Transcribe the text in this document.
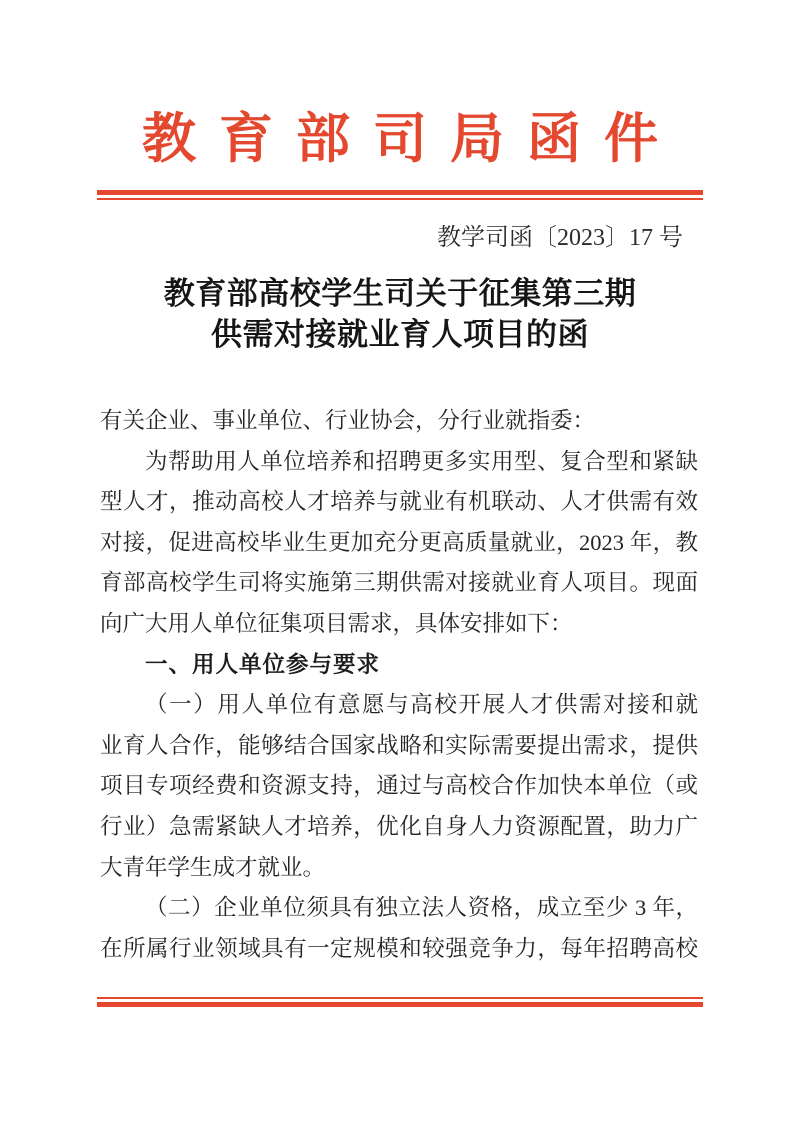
教育部司局函件
教学司函〔2023〕17 号
教育部高校学生司关于征集第三期
供需对接就业育人项目的函
有关企业、事业单位、行业协会，分行业就指委：
为帮助用人单位培养和招聘更多实用型、复合型和紧缺
型人才，推动高校人才培养与就业有机联动、人才供需有效
对接，促进高校毕业生更加充分更高质量就业，2023 年，教
育部高校学生司将实施第三期供需对接就业育人项目。现面
向广大用人单位征集项目需求，具体安排如下：
一、用人单位参与要求
（一）用人单位有意愿与高校开展人才供需对接和就
业育人合作，能够结合国家战略和实际需要提出需求，提供
项目专项经费和资源支持，通过与高校合作加快本单位（或
行业）急需紧缺人才培养，优化自身人力资源配置，助力广
大青年学生成才就业。
（二）企业单位须具有独立法人资格，成立至少 3 年，
在所属行业领域具有一定规模和较强竞争力，每年招聘高校
